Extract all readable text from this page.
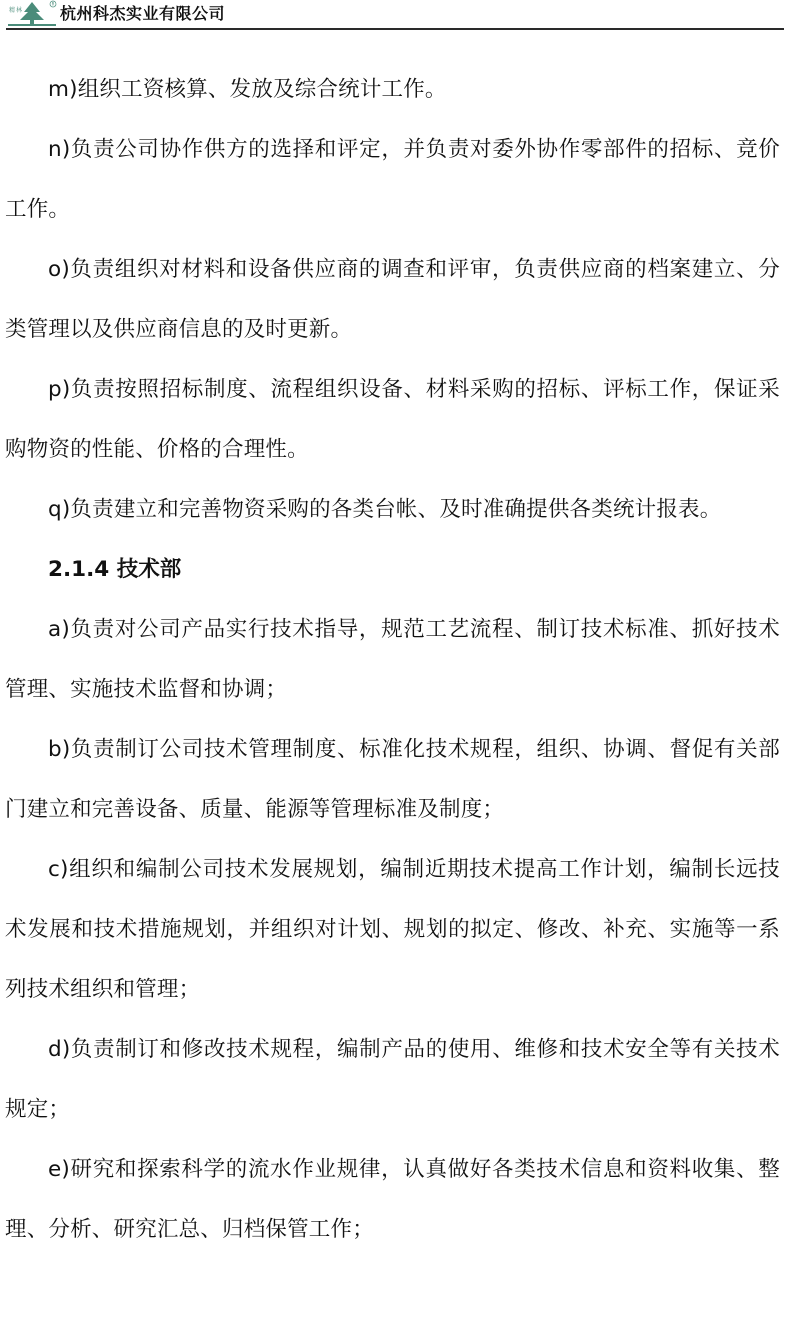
精 林
R 杭州科杰实业有限公司

m)组织工资核算、发放及综合统计工作。

n)负责公司协作供方的选择和评定，并负责对委外协作零部件的招标、竞价工作。

o)负责组织对材料和设备供应商的调查和评审，负责供应商的档案建立、分类管理以及供应商信息的及时更新。

p)负责按照招标制度、流程组织设备、材料采购的招标、评标工作，保证采购物资的性能、价格的合理性。

q)负责建立和完善物资采购的各类台帐、及时准确提供各类统计报表。

2.1.4 技术部

a)负责对公司产品实行技术指导，规范工艺流程、制订技术标准、抓好技术管理、实施技术监督和协调；

b)负责制订公司技术管理制度、标准化技术规程，组织、协调、督促有关部门建立和完善设备、质量、能源等管理标准及制度；

c)组织和编制公司技术发展规划，编制近期技术提高工作计划，编制长远技术发展和技术措施规划，并组织对计划、规划的拟定、修改、补充、实施等一系列技术组织和管理；

d)负责制订和修改技术规程，编制产品的使用、维修和技术安全等有关技术规定；

e)研究和探索科学的流水作业规律，认真做好各类技术信息和资料收集、整理、分析、研究汇总、归档保管工作；
